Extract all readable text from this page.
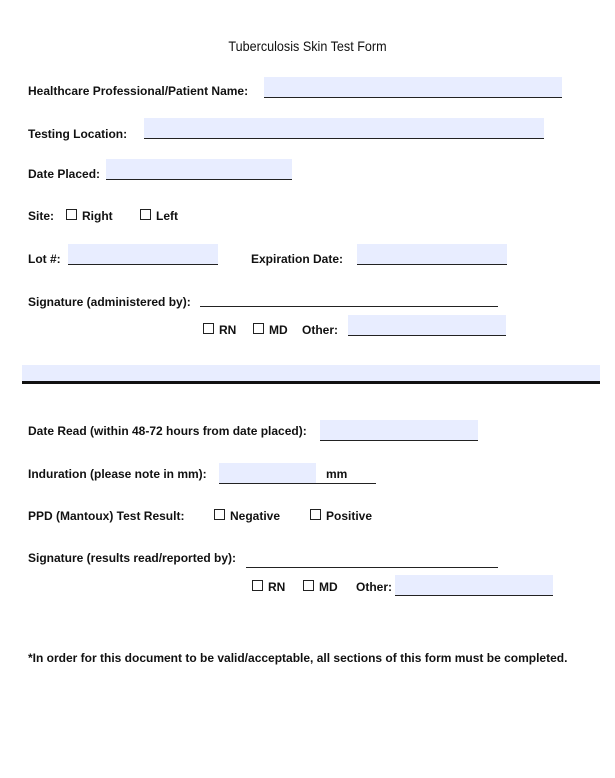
Tuberculosis Skin Test Form
Healthcare Professional/Patient Name:
Testing Location:
Date Placed:
Site: Right	Left
Lot #:	Expiration Date:
Signature (administered by):
RN	MD Other:
Date Read (within 48-72 hours from date placed):
Induration (please note in mm):	mm
PPD (Mantoux) Test Result:	Negative	Positive
Signature (results read/reported by):
RN	MD Other:
*In order for this document to be valid/acceptable, all sections of this form must be completed.
